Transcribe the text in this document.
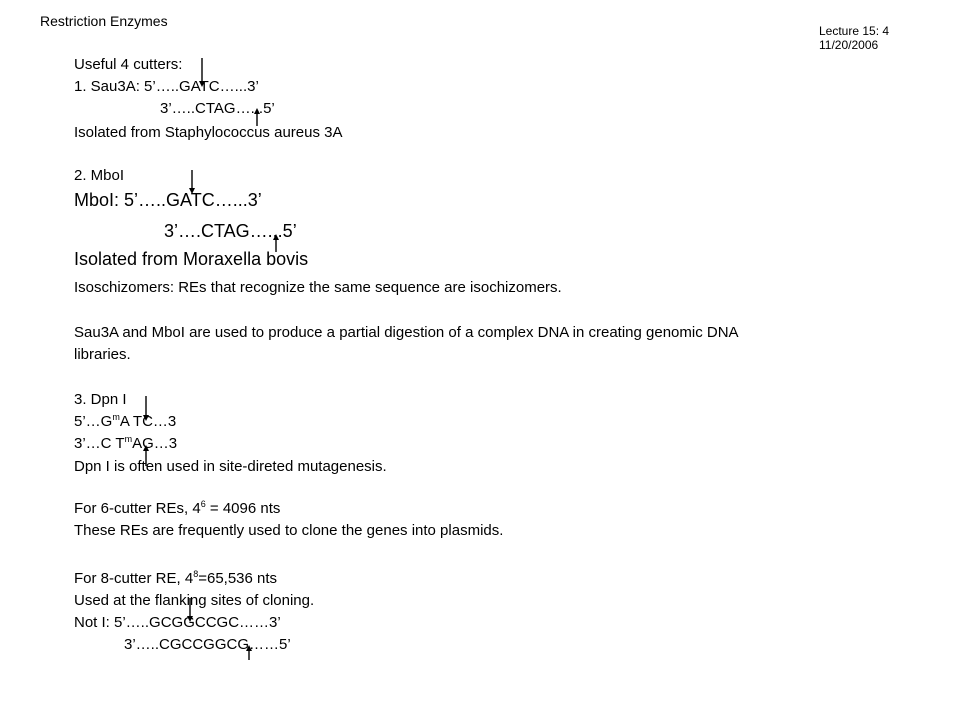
Restriction Enzymes
Lecture 15: 4
11/20/2006
Useful 4 cutters:
1. Sau3A: 5’…..GATC…...3’
3’…..CTAG…...5’
Isolated from Staphylococcus aureus 3A
2. MboI
MboI: 5’…..GATC…...3’
3’….CTAG…...5’
Isolated from Moraxella bovis
Isoschizomers: REs that recognize the same sequence are isochizomers.
Sau3A and MboI are used to produce a partial digestion of a complex DNA in creating genomic DNA
libraries.
3. Dpn I
$5’\dots G^mA$ TC…3
3’…C $T^mAG\dots 3$
Dpn I is often used in site-direted mutagenesis.
For 6-cutter REs, $4^6 = 4096$ nts
These REs are frequently used to clone the genes into plasmids.
For 8-cutter RE, $4^8=65,536$ nts
Used at the flanking sites of cloning.
Not I: 5’…..GCGGCCGC……3’
3’…..CGCCGGCG……5’
